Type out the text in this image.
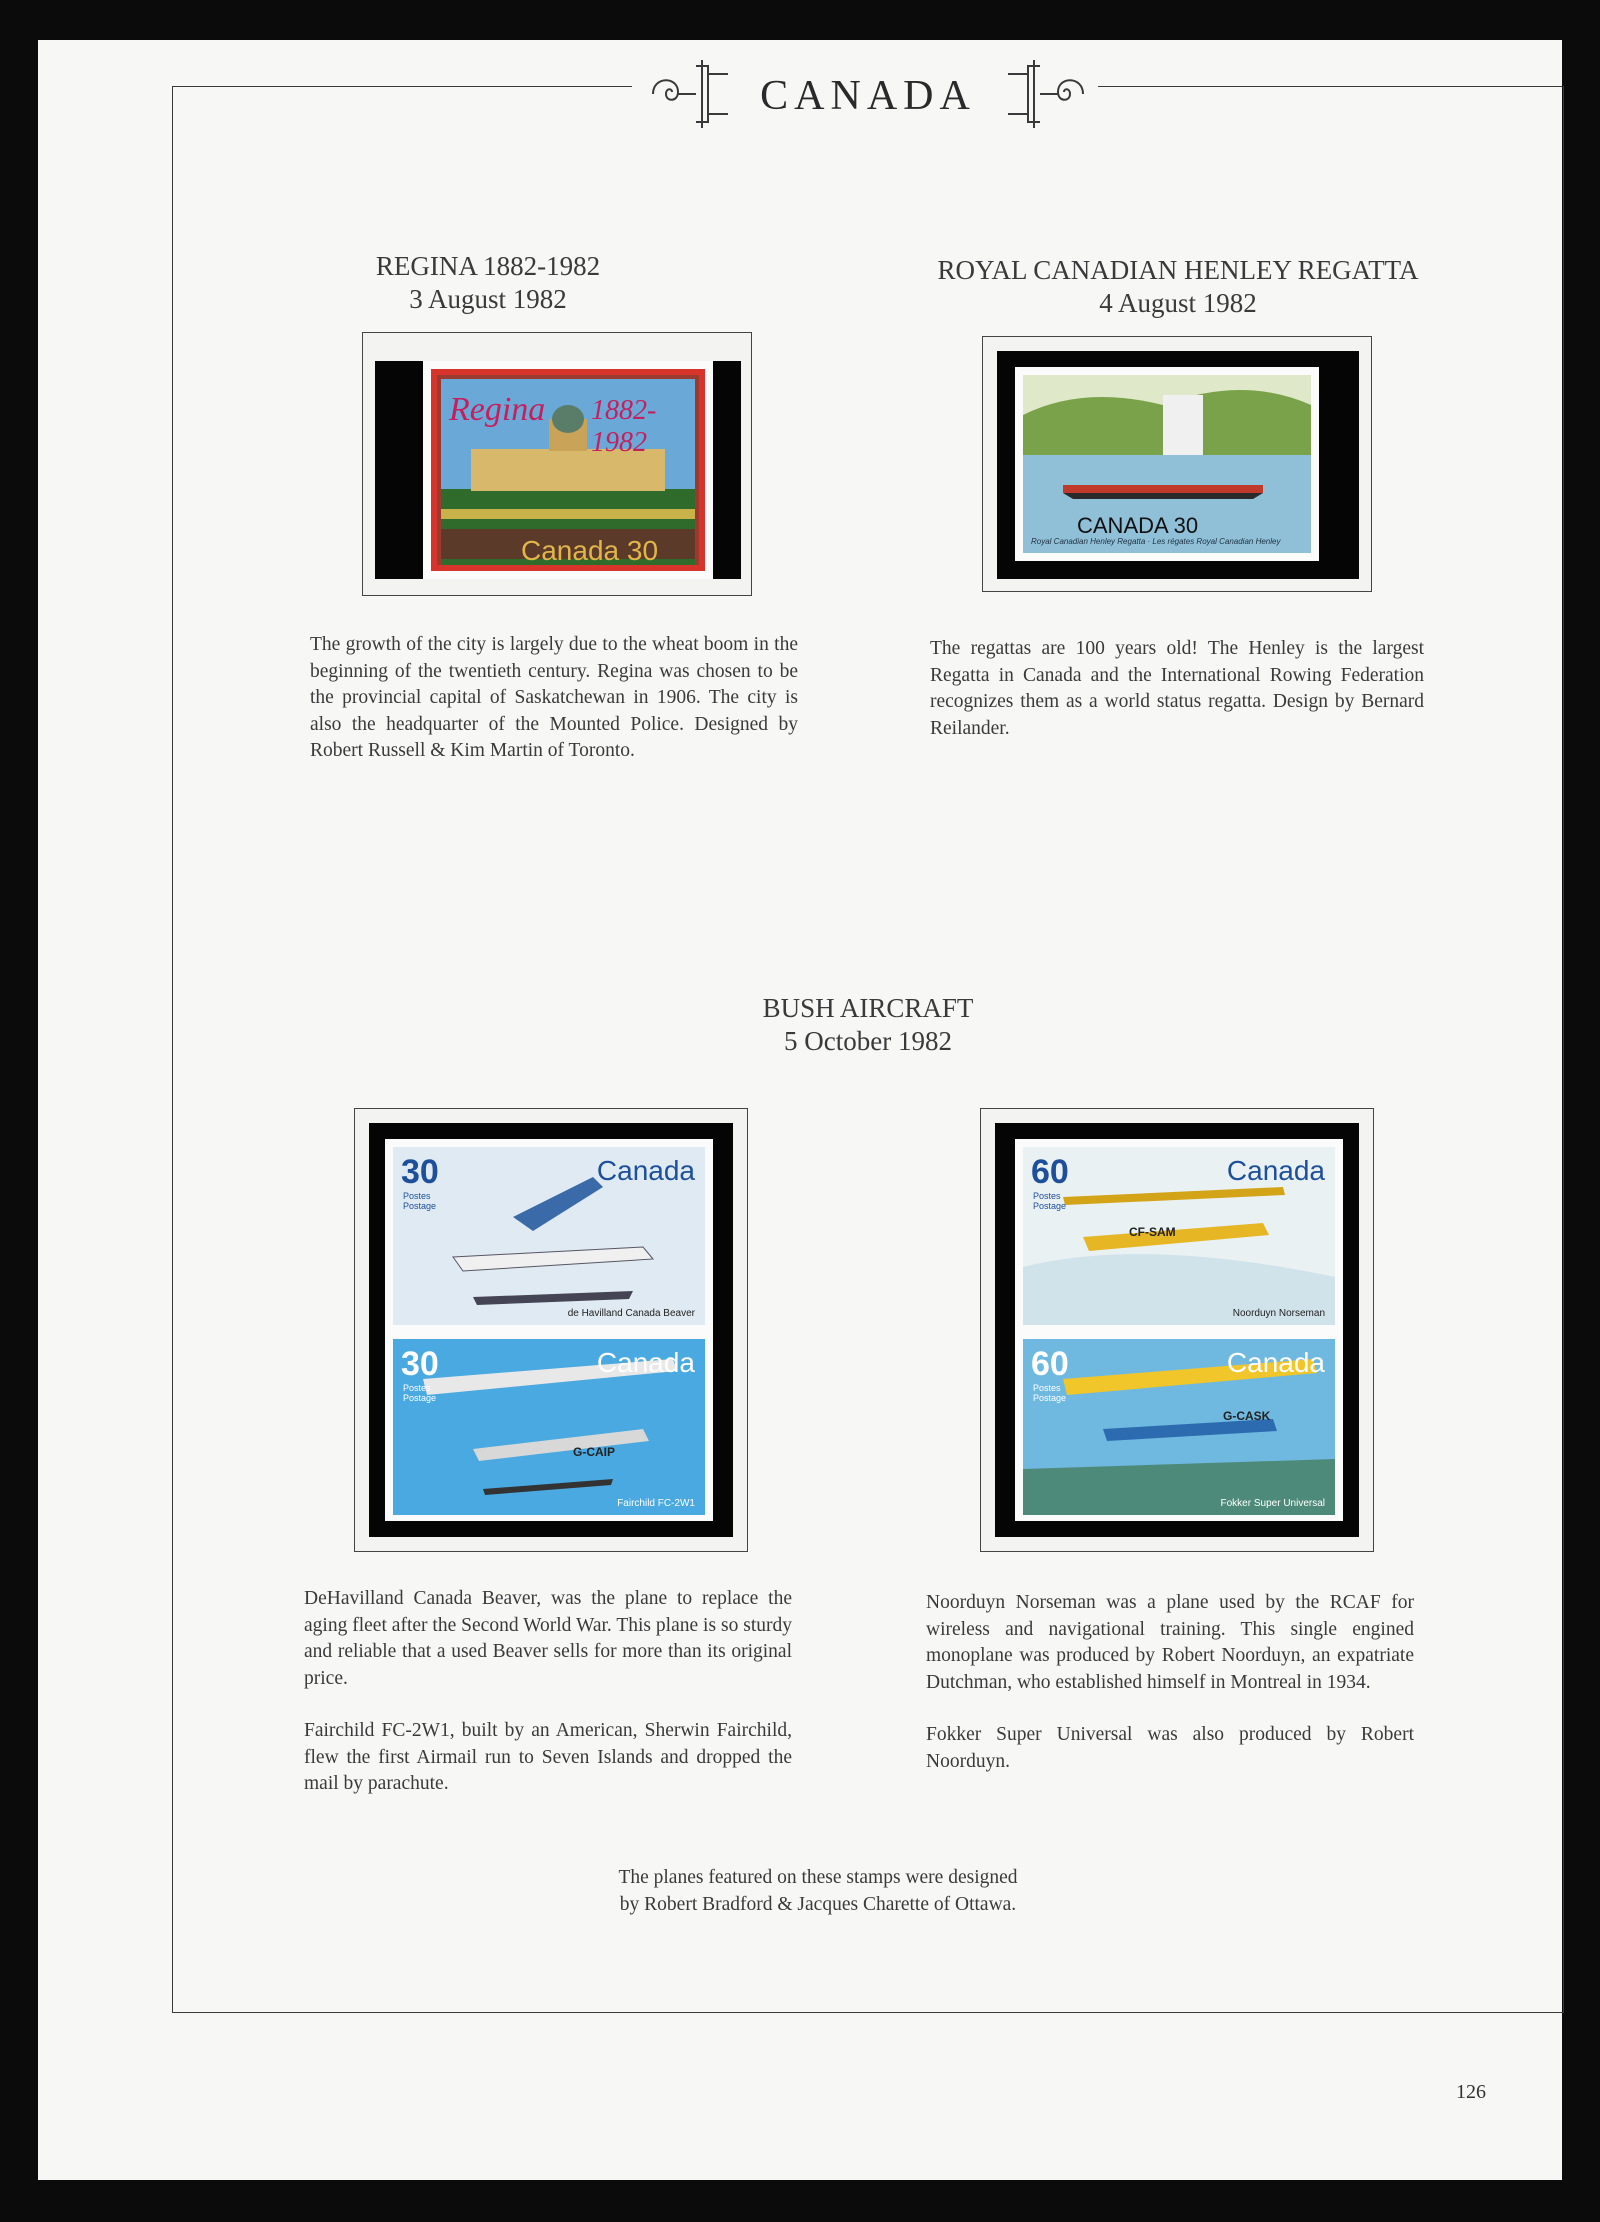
CANADA
REGINA 1882-1982
3 August 1982
Regina 1882-1982
Canada 30
The growth of the city is largely due to the wheat boom in the beginning of the twentieth century. Regina was chosen to be the provincial capital of Saskatchewan in 1906. The city is also the headquarter of the Mounted Police. Designed by Robert Russell & Kim Martin of Toronto.
ROYAL CANADIAN HENLEY REGATTA
4 August 1982
CANADA 30
Royal Canadian Henley Regatta · Les régates Royal Canadian Henley
The regattas are 100 years old! The Henley is the largest Regatta in Canada and the International Rowing Federation recognizes them as a world status regatta. Design by Bernard Reilander.
BUSH AIRCRAFT
5 October 1982
30
Postes
Postage
Canada
de Havilland Canada Beaver
30
Postes
Postage
Canada
G-CAIP
Fairchild FC-2W1
60
Postes
Postage
Canada
CF-SAM
Noorduyn Norseman
60
Postes
Postage
Canada
G-CASK
Fokker Super Universal

DeHavilland Canada Beaver, was the plane to replace the aging fleet after the Second World War. This plane is so sturdy and reliable that a used Beaver sells for more than its original price.

Fairchild FC-2W1, built by an American, Sherwin Fairchild, flew the first Airmail run to Seven Islands and dropped the mail by parachute.

Noorduyn Norseman was a plane used by the RCAF for wireless and navigational training. This single engined monoplane was produced by Robert Noorduyn, an expatriate Dutchman, who established himself in Montreal in 1934.

Fokker Super Universal was also produced by Robert Noorduyn.

The planes featured on these stamps were designed
by Robert Bradford & Jacques Charette of Ottawa.
126
